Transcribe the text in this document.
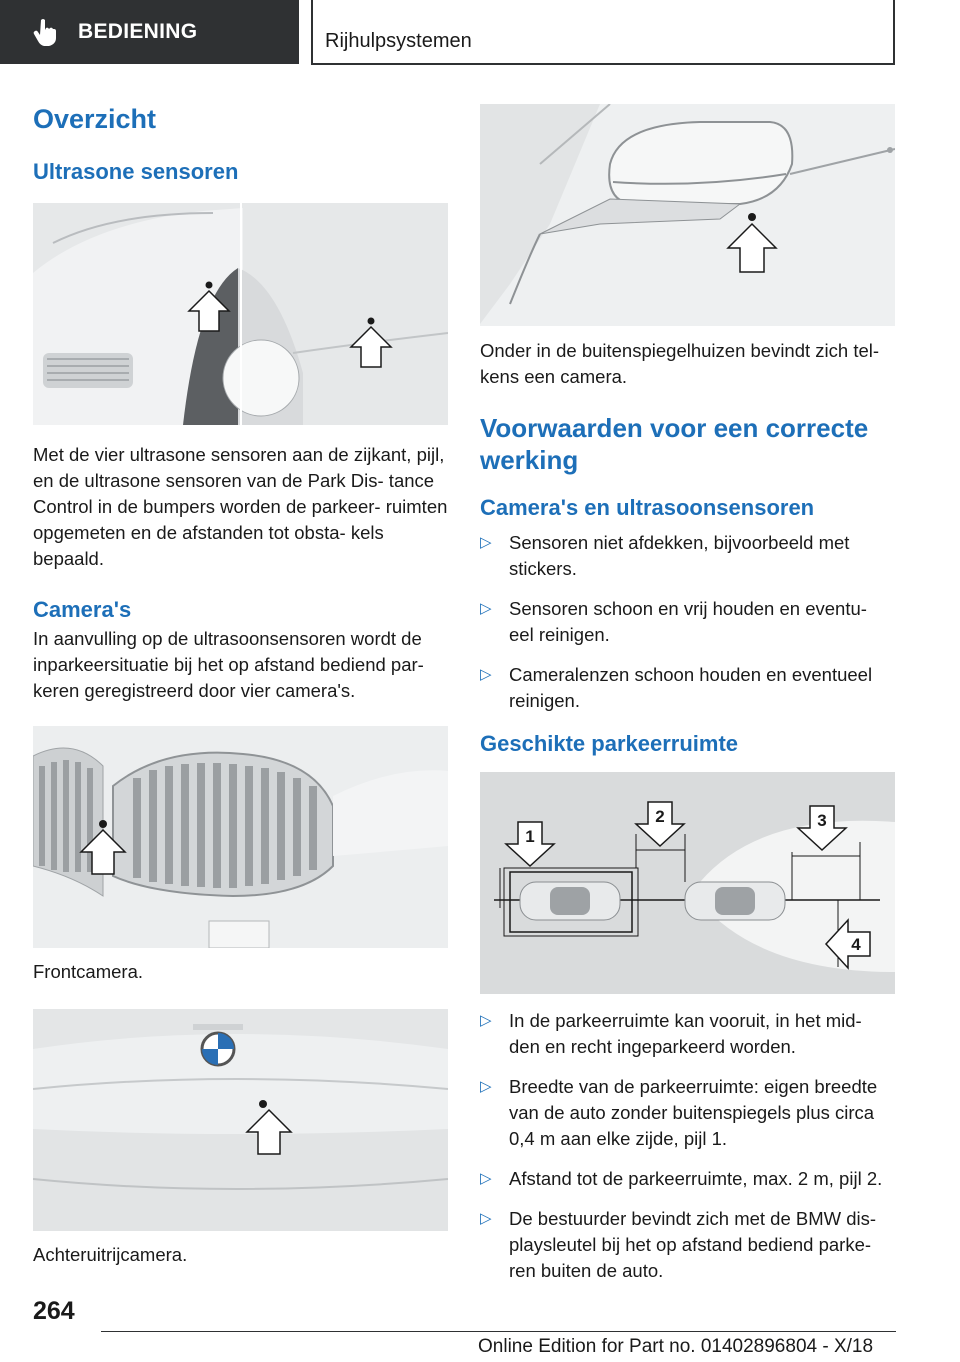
BEDIENING	Rijhulpsystemen
Overzicht
Ultrasone sensoren

Met de vier ultrasone sensoren aan de zijkant, pijl, en de ultrasone sensoren van de Park Dis- tance Control in de bumpers worden de parkeer- ruimten opgemeten en de afstanden tot obsta- kels bepaald.

Camera's

In aanvulling op de ultrasoonsensoren wordt de inparkeersituatie bij het op afstand bediend par- keren geregistreerd door vier camera's.

Frontcamera.

Achteruitrijcamera.

Onder in de buitenspiegelhuizen bevindt zich tel- kens een camera.

Voorwaarden voor een correcte werking
Camera's en ultrasoonsensoren
▷ Sensoren niet afdekken, bijvoorbeeld met stickers.
▷ Sensoren schoon en vrij houden en eventu- eel reinigen.
▷ Cameralenzen schoon houden en eventueel reinigen.
Geschikte parkeerruimte
1
2	3
4
▷ In de parkeerruimte kan vooruit, in het mid- den en recht ingeparkeerd worden.
▷ Breedte van de parkeerruimte: eigen breedte van de auto zonder buitenspiegels plus circa 0,4 m aan elke zijde, pijl 1.
▷ Afstand tot de parkeerruimte, max. 2 m, pijl 2.
▷ De bestuurder bevindt zich met de BMW dis- playsleutel bij het op afstand bediend parke- ren buiten de auto.
264
Online Edition for Part no. 01402896804 - X/18
